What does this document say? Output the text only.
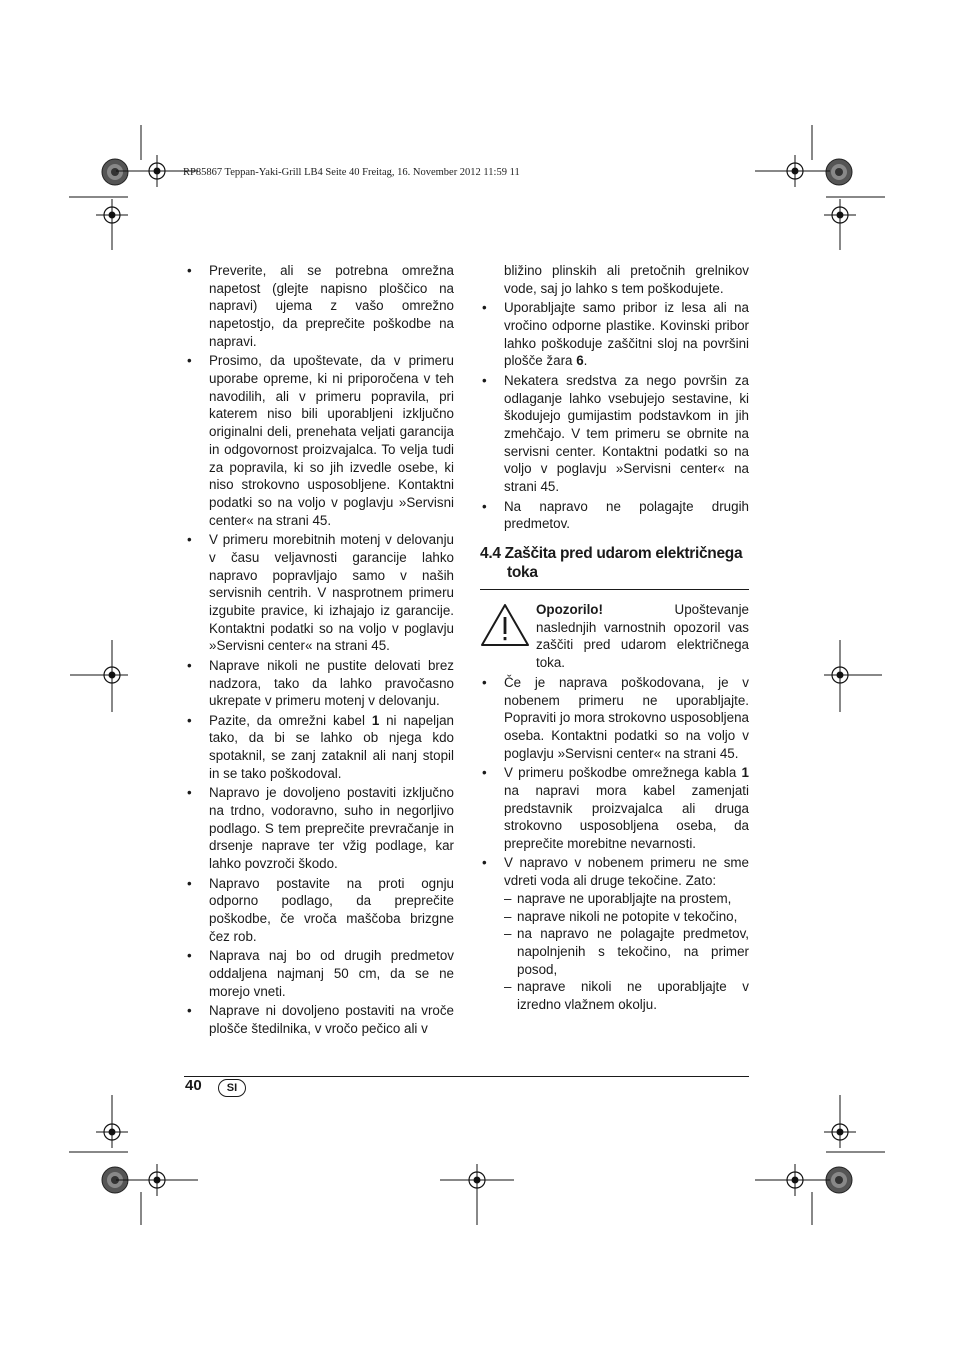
RP85867 Teppan-Yaki-Grill LB4 Seite 40 Freitag, 16. November 2012 11:59 11
• Preverite, ali se potrebna omrežna napetost (glejte napisno ploščico na napravi) ujema z vašo omrežno napetostjo, da preprečite poškodbe na napravi.
• Prosimo, da upoštevate, da v primeru uporabe opreme, ki ni priporočena v teh navodilih, ali v primeru popravila, pri katerem niso bili uporabljeni izključno originalni deli, prenehata veljati garancija in odgovornost proizvajalca. To velja tudi za popravila, ki so jih izvedle osebe, ki niso strokovno usposobljene. Kontaktni podatki so na voljo v poglavju »Servisni center« na strani 45.
• V primeru morebitnih motenj v delovanju v času veljavnosti garancije lahko napravo popravljajo samo v naših servisnih centrih. V nasprotnem primeru izgubite pravice, ki izhajajo iz garancije. Kontaktni podatki so na voljo v poglavju »Servisni center« na strani 45.
• Naprave nikoli ne pustite delovati brez nadzora, tako da lahko pravočasno ukrepate v primeru motenj v delovanju.
• Pazite, da omrežni kabel 1 ni napeljan tako, da bi se lahko ob njega kdo spotaknil, se zanj zataknil ali nanj stopil in se tako poškodoval.
• Napravo je dovoljeno postaviti izključno na trdno, vodoravno, suho in negorljivo podlago. S tem preprečite prevračanje in drsenje naprave ter vžig podlage, kar lahko povzroči škodo.
• Napravo postavite na proti ognju odporno podlago, da preprečite poškodbe, če vroča maščoba brizgne čez rob.
• Naprava naj bo od drugih predmetov oddaljena najmanj 50 cm, da se ne morejo vneti.
• Naprave ni dovoljeno postaviti na vroče plošče štedilnika, v vročo pečico ali v

bližino plinskih ali pretočnih grelnikov vode, saj jo lahko s tem poškodujete.

• Uporabljajte samo pribor iz lesa ali na vročino odporne plastike. Kovinski pribor lahko poškoduje zaščitni sloj na površini plošče žara 6.
• Nekatera sredstva za nego površin za odlaganje lahko vsebujejo sestavine, ki škodujejo gumijastim podstavkom in jih zmehčajo. V tem primeru se obrnite na servisni center. Kontaktni podatki so na voljo v poglavju »Servisni center« na strani 45.
• Na napravo ne polagajte drugih predmetov.
4.4 Zaščita pred udarom električnega
toka
Opozorilo!	Upoštevanje naslednjih varnostnih opozoril vas zaščiti pred udarom električnega toka.
• Če je naprava poškodovana, je v nobenem primeru ne uporabljajte. Popraviti jo mora strokovno usposobljena oseba. Kontaktni podatki so na voljo v poglavju »Servisni center« na strani 45.
• V primeru poškodbe omrežnega kabla 1 na napravi mora kabel zamenjati predstavnik proizvajalca ali druga strokovno usposobljena oseba, da preprečite morebitne nevarnosti.
• V napravo v nobenem primeru ne sme vdreti voda ali druge tekočine. Zato:
– naprave ne uporabljajte na prostem,
– naprave nikoli ne potopite v tekočino,
– na napravo ne polagajte predmetov, napolnjenih s tekočino, na primer posod,
– naprave nikoli ne uporabljajte v izredno vlažnem okolju.
40	SI
